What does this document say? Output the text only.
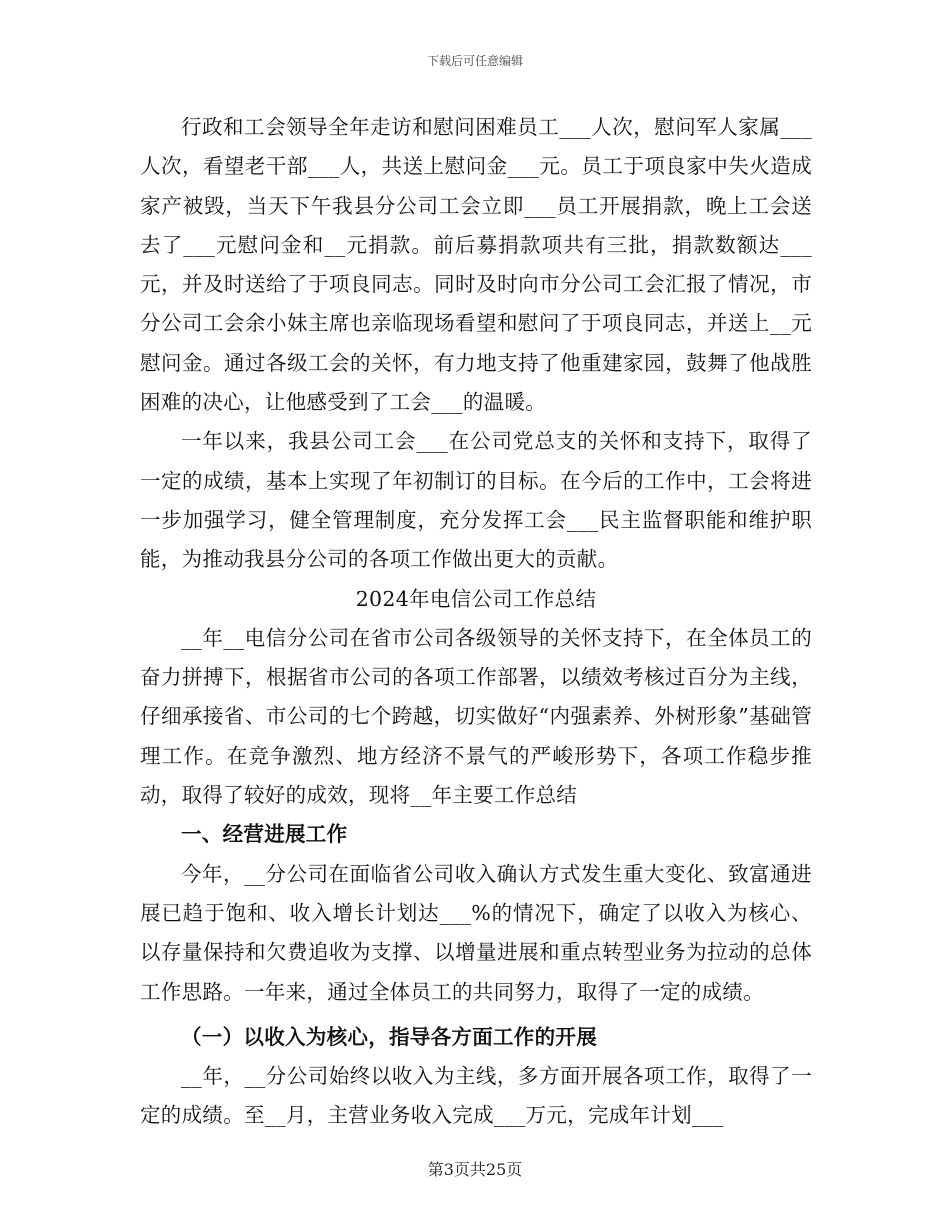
下载后可任意编辑

行政和工会领导全年走访和慰问困难员工___人次，慰问军人家属___人次，看望老干部___人，共送上慰问金___元。员工于项良家中失火造成家产被毁，当天下午我县分公司工会立即___员工开展捐款，晚上工会送去了___元慰问金和__元捐款。前后募捐款项共有三批，捐款数额达___元，并及时送给了于项良同志。同时及时向市分公司工会汇报了情况，市分公司工会余小妹主席也亲临现场看望和慰问了于项良同志，并送上__元慰问金。通过各级工会的关怀，有力地支持了他重建家园，鼓舞了他战胜困难的决心，让他感受到了工会___的温暖。

一年以来，我县公司工会___在公司党总支的关怀和支持下，取得了一定的成绩，基本上实现了年初制订的目标。在今后的工作中，工会将进一步加强学习，健全管理制度，充分发挥工会___民主监督职能和维护职能，为推动我县分公司的各项工作做出更大的贡献。

2024年电信公司工作总结

__年__电信分公司在省市公司各级领导的关怀支持下，在全体员工的奋力拼搏下，根据省市公司的各项工作部署，以绩效考核过百分为主线，仔细承接省、市公司的七个跨越，切实做好“内强素养、外树形象”基础管理工作。在竞争激烈、地方经济不景气的严峻形势下，各项工作稳步推动，取得了较好的成效，现将__年主要工作总结

一、经营进展工作

今年，__分公司在面临省公司收入确认方式发生重大变化、致富通进展已趋于饱和、收入增长计划达___%的情况下，确定了以收入为核心、以存量保持和欠费追收为支撑、以增量进展和重点转型业务为拉动的总体工作思路。一年来，通过全体员工的共同努力，取得了一定的成绩。

（一）以收入为核心，指导各方面工作的开展

__年，__分公司始终以收入为主线，多方面开展各项工作，取得了一定的成绩。至__月，主营业务收入完成___万元，完成年计划___

第3页共25页
